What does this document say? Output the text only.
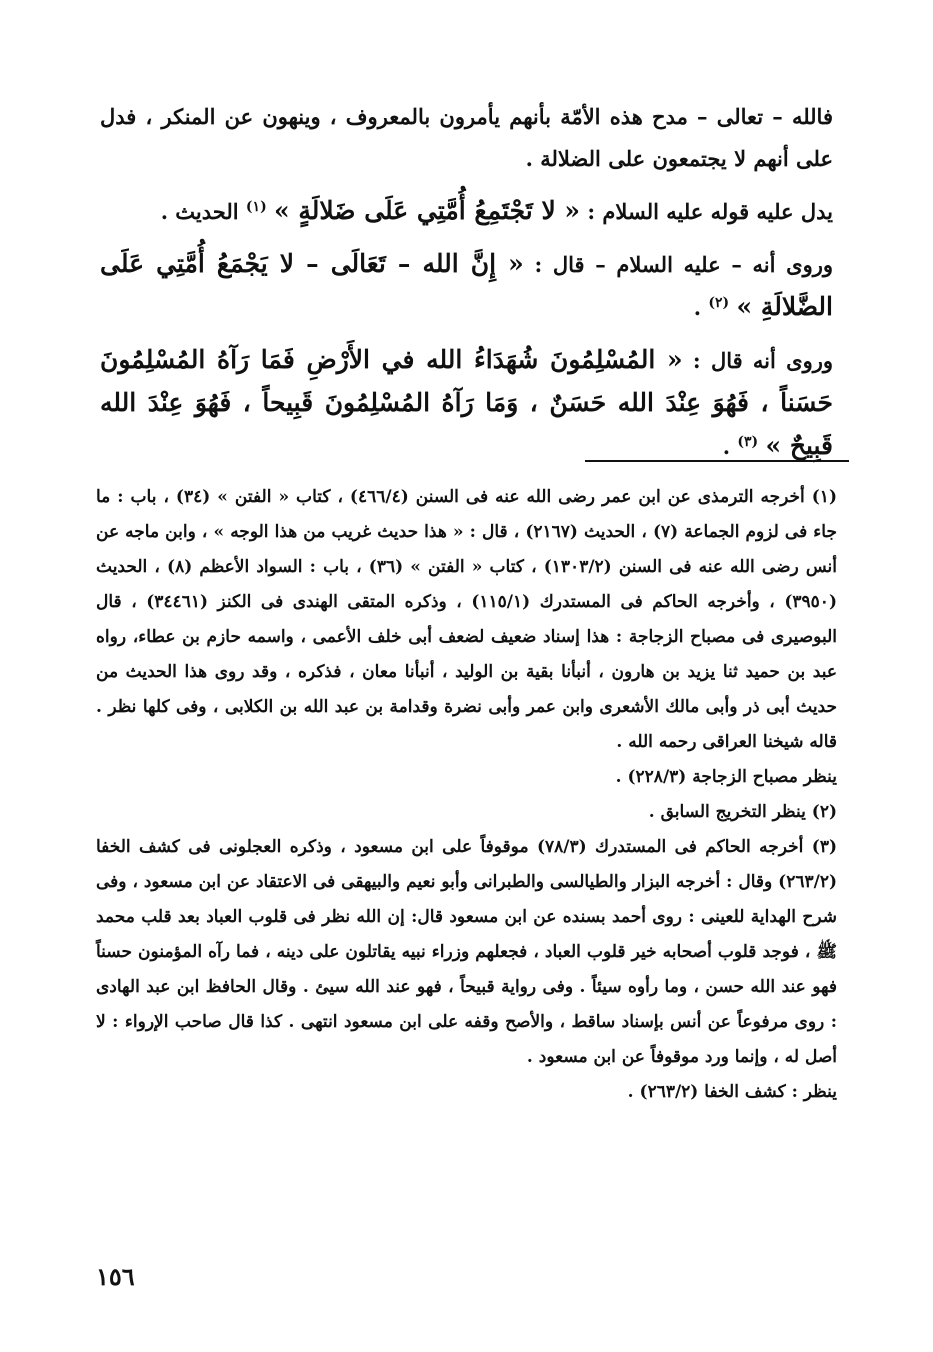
فالله – تعالى – مدح هذه الأمّة بأنهم يأمرون بالمعروف ، وينهون عن المنكر ، فدل على أنهم لا يجتمعون على الضلالة .

يدل عليه قوله عليه السلام : « لا تَجْتَمِعُ أُمَّتِي عَلَى ضَلالَةٍ » $^{(١)}$ الحديث .

وروى أنه – عليه السلام – قال : « إِنَّ الله – تَعَالَى – لا يَجْمَعُ أُمَّتِي عَلَى الضَّلالَةِ » $^{(٢)}$ .

وروى أنه قال : « المُسْلِمُونَ شُهَدَاءُ الله في الأَرْضِ فَمَا رَآهُ المُسْلِمُونَ حَسَناً ، فَهُوَ عِنْدَ الله حَسَنٌ ، وَمَا رَآهُ المُسْلِمُونَ قَبِيحاً ، فَهُوَ عِنْدَ الله قَبِيحٌ » $^{(٣)}$ .

(١) أخرجه الترمذى عن ابن عمر رضى الله عنه فى السنن (٤٦٦/٤) ، كتاب « الفتن » (٣٤) ، باب : ما جاء فى لزوم الجماعة (٧) ، الحديث (٢١٦٧) ، قال : « هذا حديث غريب من هذا الوجه » ، وابن ماجه عن أنس رضى الله عنه فى السنن (١٣٠٣/٢) ، كتاب « الفتن » (٣٦) ، باب : السواد الأعظم (٨) ، الحديث (٣٩٥٠) ، وأخرجه الحاكم فى المستدرك (١١٥/١) ، وذكره المتقى الهندى فى الكنز (٣٤٤٦١) ، قال البوصيرى فى مصباح الزجاجة : هذا إسناد ضعيف لضعف أبى خلف الأعمى ، واسمه حازم بن عطاء، رواه عبد بن حميد ثنا يزيد بن هارون ، أنبأنا بقية بن الوليد ، أنبأنا معان ، فذكره ، وقد روى هذا الحديث من حديث أبى ذر وأبى مالك الأشعرى وابن عمر وأبى نضرة وقدامة بن عبد الله بن الكلابى ، وفى كلها نظر . قاله شيخنا العراقى رحمه الله .

ينظر مصباح الزجاجة (٢٢٨/٣) .

(٢) ينظر التخريج السابق .

(٣) أخرجه الحاكم فى المستدرك (٧٨/٣) موقوفاً على ابن مسعود ، وذكره العجلونى فى كشف الخفا (٢٦٣/٢) وقال : أخرجه البزار والطيالسى والطبرانى وأبو نعيم والبيهقى فى الاعتقاد عن ابن مسعود ، وفى شرح الهداية للعينى : روى أحمد بسنده عن ابن مسعود قال: إن الله نظر فى قلوب العباد بعد قلب محمد ﷺ ، فوجد قلوب أصحابه خير قلوب العباد ، فجعلهم وزراء نبيه يقاتلون على دينه ، فما رآه المؤمنون حسناً فهو عند الله حسن ، وما رأوه سيئاً . وفى رواية قبيحاً ، فهو عند الله سيئ . وقال الحافظ ابن عبد الهادى : روى مرفوعاً عن أنس بإسناد ساقط ، والأصح وقفه على ابن مسعود انتهى . كذا قال صاحب الإرواء : لا أصل له ، وإنما ورد موقوفاً عن ابن مسعود .

ينظر : كشف الخفا (٢٦٣/٢) .

١٥٦
